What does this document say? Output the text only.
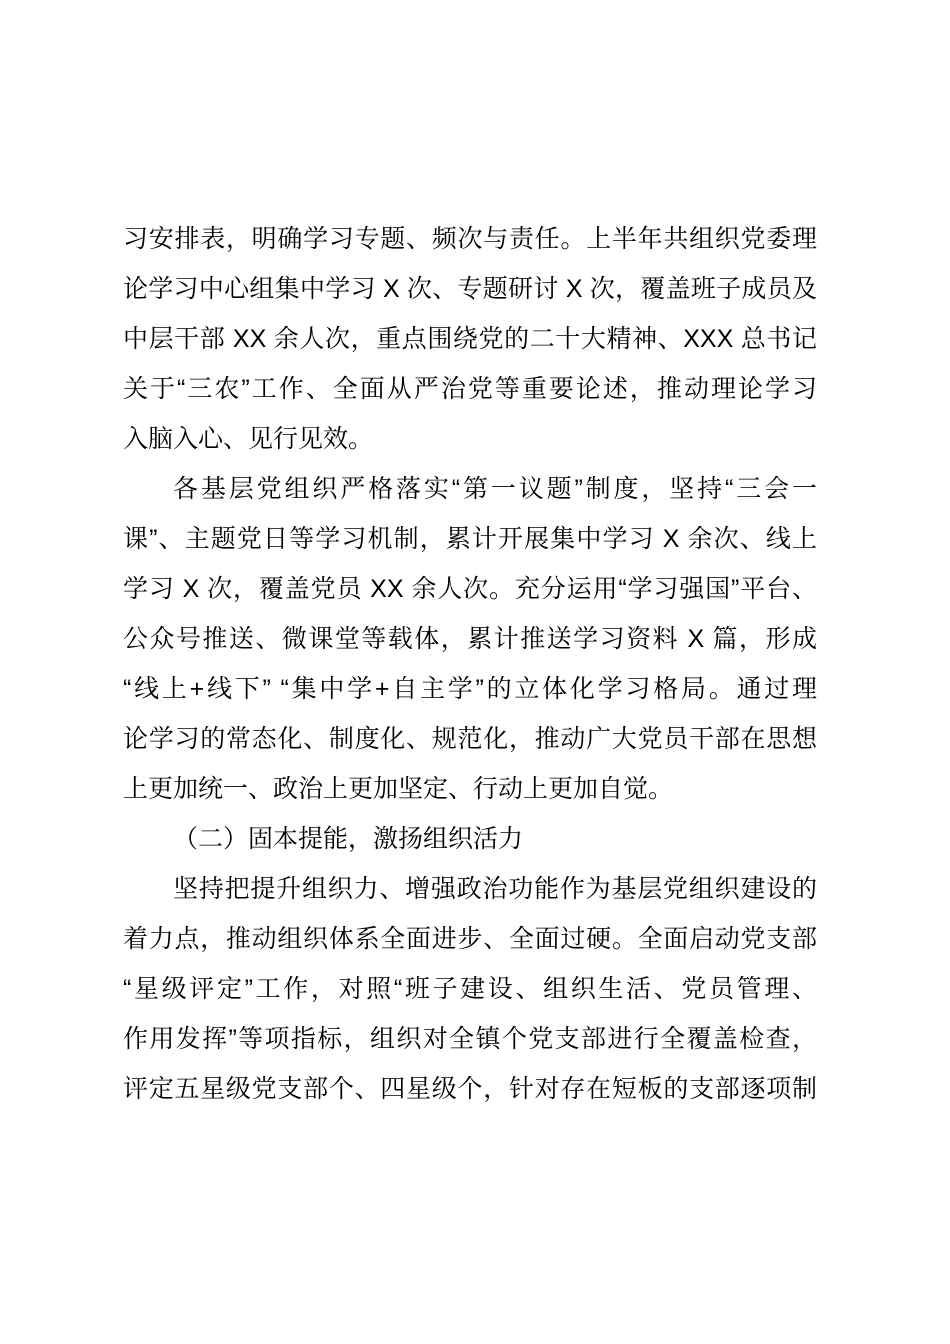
习安排表，明确学习专题、频次与责任。上半年共组织党委理
论学习中心组集中学习 X 次、专题研讨 X 次，覆盖班子成员及
中层干部 XX 余人次，重点围绕党的二十大精神、XXX 总书记
关于“三农”工作、全面从严治党等重要论述，推动理论学习
入脑入心、见行见效。
各基层党组织严格落实“第一议题”制度，坚持“三会一
课”、主题党日等学习机制，累计开展集中学习 X 余次、线上
学习 X 次，覆盖党员 XX 余人次。充分运用“学习强国”平台、
公众号推送、微课堂等载体，累计推送学习资料 X 篇，形成
“线上+线下” “集中学+自主学”的立体化学习格局。通过理
论学习的常态化、制度化、规范化，推动广大党员干部在思想
上更加统一、政治上更加坚定、行动上更加自觉。
（二）固本提能，激扬组织活力
坚持把提升组织力、增强政治功能作为基层党组织建设的
着力点，推动组织体系全面进步、全面过硬。全面启动党支部
“星级评定”工作，对照“班子建设、组织生活、党员管理、
作用发挥”等项指标，组织对全镇个党支部进行全覆盖检查，
评定五星级党支部个、四星级个，针对存在短板的支部逐项制
